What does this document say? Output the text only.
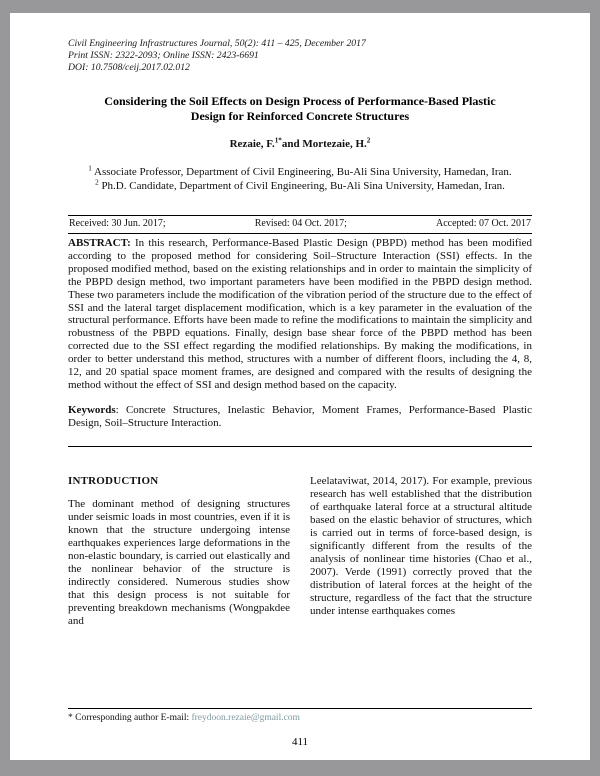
Civil Engineering Infrastructures Journal, 50(2): 411 – 425, December 2017
Print ISSN: 2322-2093; Online ISSN: 2423-6691
DOI: 10.7508/ceij.2017.02.012
Considering the Soil Effects on Design Process of Performance-Based Plastic Design for Reinforced Concrete Structures
Rezaie, F.$^{1*}$and Mortezaie, H.$^2$
$^1$ Associate Professor, Department of Civil Engineering, Bu-Ali Sina University, Hamedan, Iran.
$^2$ Ph.D. Candidate, Department of Civil Engineering, Bu-Ali Sina University, Hamedan, Iran.
Received: 30 Jun. 2017;	Revised: 04 Oct. 2017;	Accepted: 07 Oct. 2017

ABSTRACT: In this research, Performance-Based Plastic Design (PBPD) method has been modified according to the proposed method for considering Soil–Structure Interaction (SSI) effects. In the proposed modified method, based on the existing relationships and in order to maintain the simplicity of the PBPD design method, two important parameters have been modified in the PBPD design method. These two parameters include the modification of the vibration period of the structure due to the effect of SSI and the lateral target displacement modification, which is a key parameter in the evaluation of the structural performance. Efforts have been made to refine the modifications to maintain the simplicity and robustness of the PBPD equations. Finally, design base shear force of the PBPD method has been corrected due to the SSI effect regarding the modified relationships. By making the modifications, in order to better understand this method, structures with a number of different floors, including the 4, 8, 12, and 20 spatial space moment frames, are designed and compared with the results of designing the method without the effect of SSI and design method based on the capacity.

Keywords: Concrete Structures, Inelastic Behavior, Moment Frames, Performance-Based Plastic Design, Soil–Structure Interaction.

INTRODUCTION

The dominant method of designing structures under seismic loads in most countries, even if it is known that the structure undergoing intense earthquakes experiences large deformations in the non-elastic boundary, is carried out elastically and the nonlinear behavior of the structure is indirectly considered. Numerous studies show that this design process is not suitable for preventing breakdown mechanisms (Wongpakdee and

Leelataviwat, 2014, 2017). For example, previous research has well established that the distribution of earthquake lateral force at a structural altitude based on the elastic behavior of structures, which is carried out in terms of force-based design, is significantly different from the results of the analysis of nonlinear time histories (Chao et al., 2007). Verde (1991) correctly proved that the distribution of lateral forces at the height of the structure, regardless of the fact that the structure under intense earthquakes comes

* Corresponding author E-mail: freydoon.rezaie@gmail.com
411
